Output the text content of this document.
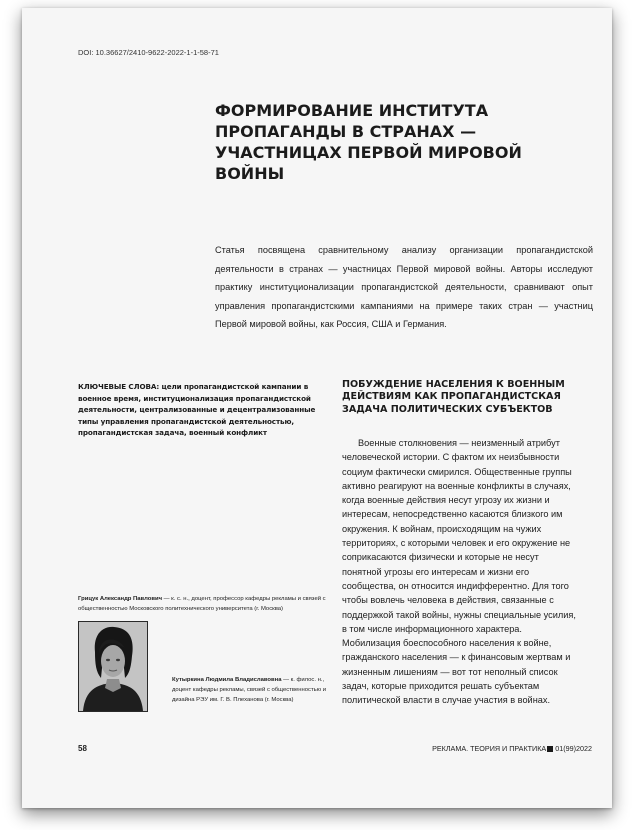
DOI: 10.36627/2410-9622-2022-1-1-58-71
ФОРМИРОВАНИЕ ИНСТИТУТА ПРОПАГАНДЫ В СТРАНАХ — УЧАСТНИЦАХ ПЕРВОЙ МИРОВОЙ ВОЙНЫ

Статья посвящена сравнительному анализу организации пропагандистской деятельности в странах — участницах Первой мировой войны. Авторы исследуют практику институционализации пропагандистской деятельности, сравнивают опыт управления пропагандистскими кампаниями на примере таких стран — участниц Первой мировой войны, как Россия, США и Германия.

КЛЮЧЕВЫЕ СЛОВА: цели пропагандистской кампании в военное время, институционализация пропагандистской деятельности, централизованные и децентрализованные типы управления пропагандистской деятельностью, пропагандистская задача, военный конфликт

ПОБУЖДЕНИЕ НАСЕЛЕНИЯ К ВОЕННЫМ ДЕЙСТВИЯМ КАК ПРОПАГАНДИСТСКАЯ ЗАДАЧА ПОЛИТИЧЕСКИХ СУБЪЕКТОВ

Военные столкновения — неизменный атрибут человеческой истории. С фактом их неизбывности социум фактически смирился. Общественные группы активно реагируют на военные конфликты в случаях, когда военные действия несут угрозу их жизни и интересам, непосредственно касаются близкого им окружения. К войнам, происходящим на чужих территориях, с которыми человек и его окружение не соприкасаются физически и которые не несут понятной угрозы его интересам и жизни его сообщества, он относится индифферентно. Для того чтобы вовлечь человека в действия, связанные с поддержкой такой войны, нужны специальные усилия, в том числе информационного характера. Мобилизация боеспособного населения к войне, гражданского населения — к финансовым жертвам и жизненным лишениям — вот тот неполный список задач, которые приходится решать субъектам политической власти в случае участия в войнах.

Грицук Александр Павлович — к. с. н., доцент, профессор кафедры рекламы и связей с общественностью Московского политехнического университета (г. Москва)

Кутыркина Людмила Владиславовна — к. филос. н., доцент кафедры рекламы, связей с общественностью и дизайна РЭУ им. Г. В. Плеханова (г. Москва)

58	РЕКЛАМА. ТЕОРИЯ И ПРАКТИКА 01(99)2022
